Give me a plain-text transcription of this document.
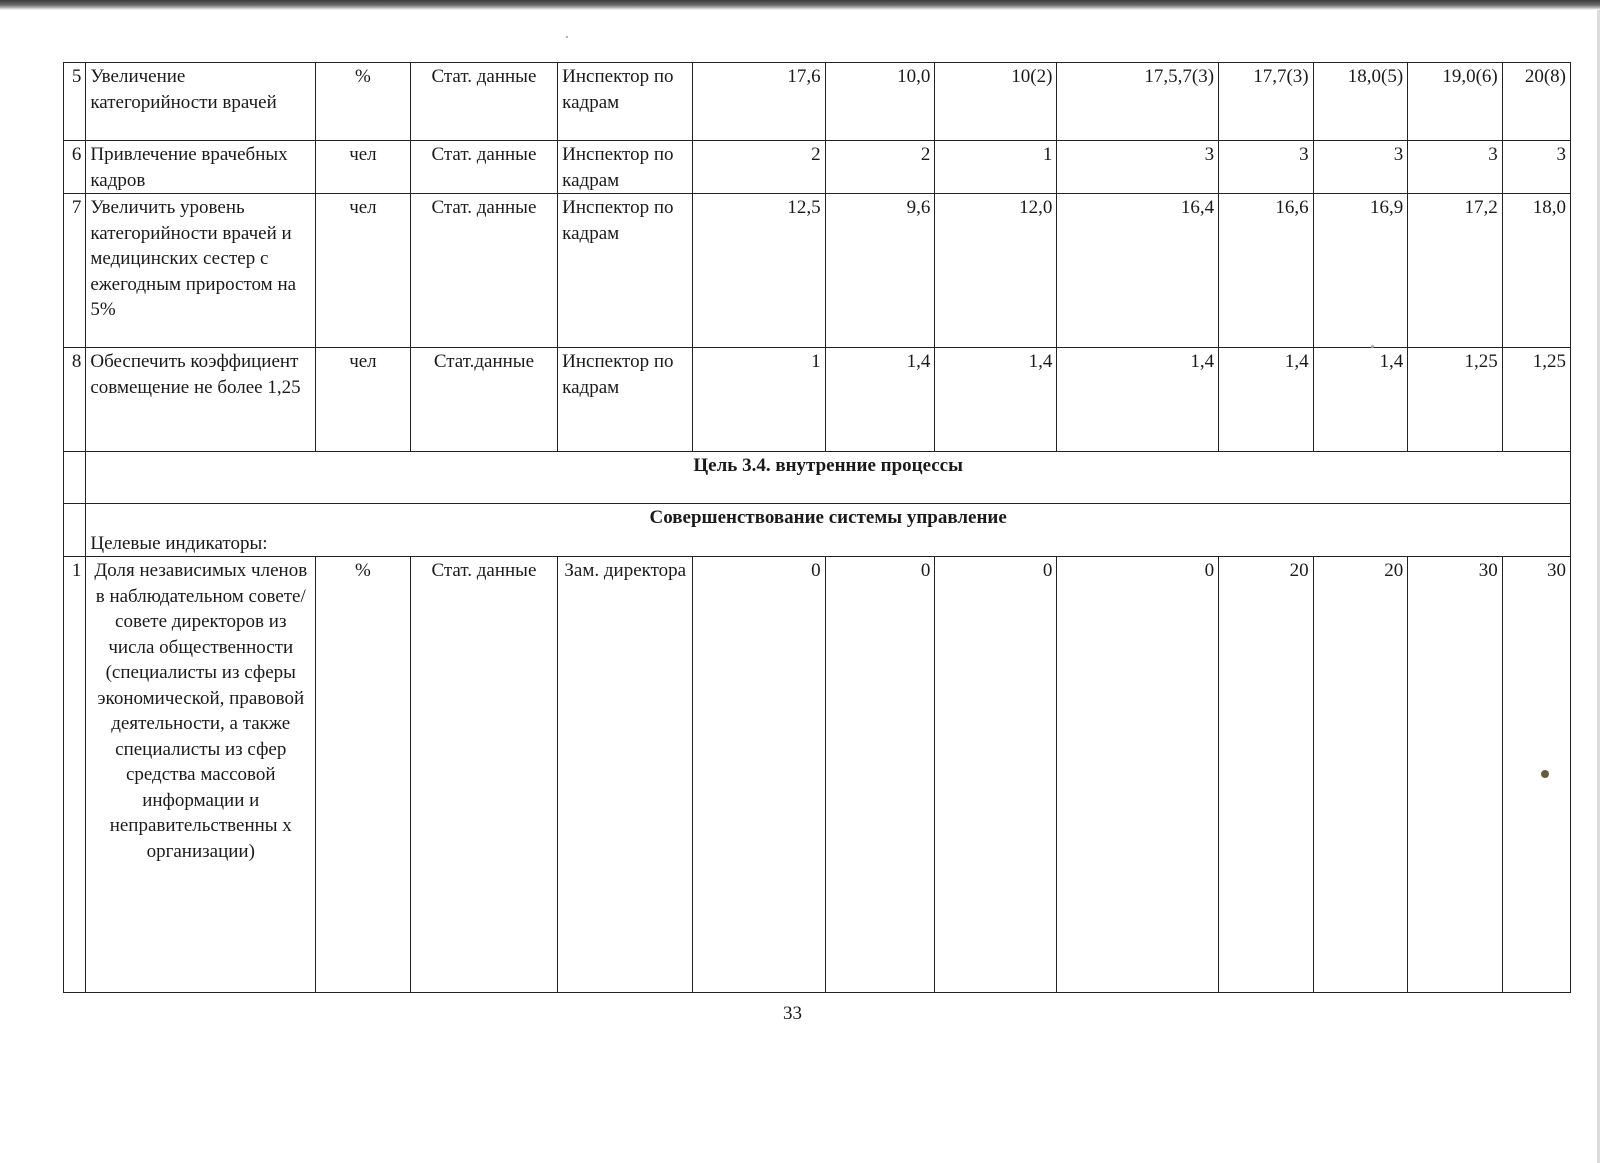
5	Увеличение категорийности врачей	%	Стат. данные	Инспектор по кадрам	17,6	10,0	10(2)	17,5,7(3)	17,7(3)	18,0(5)	19,0(6)	20(8)
6	Привлечение врачебных кадров	чел	Стат. данные	Инспектор по кадрам	2	2	1	3	3	3	3	3
7	Увеличить уровень категорийности врачей и медицинских сестер с ежегодным приростом на 5%	чел	Стат. данные	Инспектор по кадрам	12,5	9,6	12,0	16,4	16,6	16,9	17,2	18,0
8	Обеспечить коэффициент совмещение не более 1,25	чел	Стат.данные	Инспектор по кадрам	1	1,4	1,4	1,4	1,4	1,4	1,25	1,25
	Цель 3.4. внутренние процессы											
	Совершенствование системы управление
Целевые индикаторы:											

1	Доля независимых членов в наблюдательном совете/совете директоров из числа общественности (специалисты из сферы экономической, правовой деятельности, а также специалисты из сфер средства массовой информации и неправительственны х организации)	%	Стат. данные	Зам. директора	0	0	0	0	20	20	30	30
33
